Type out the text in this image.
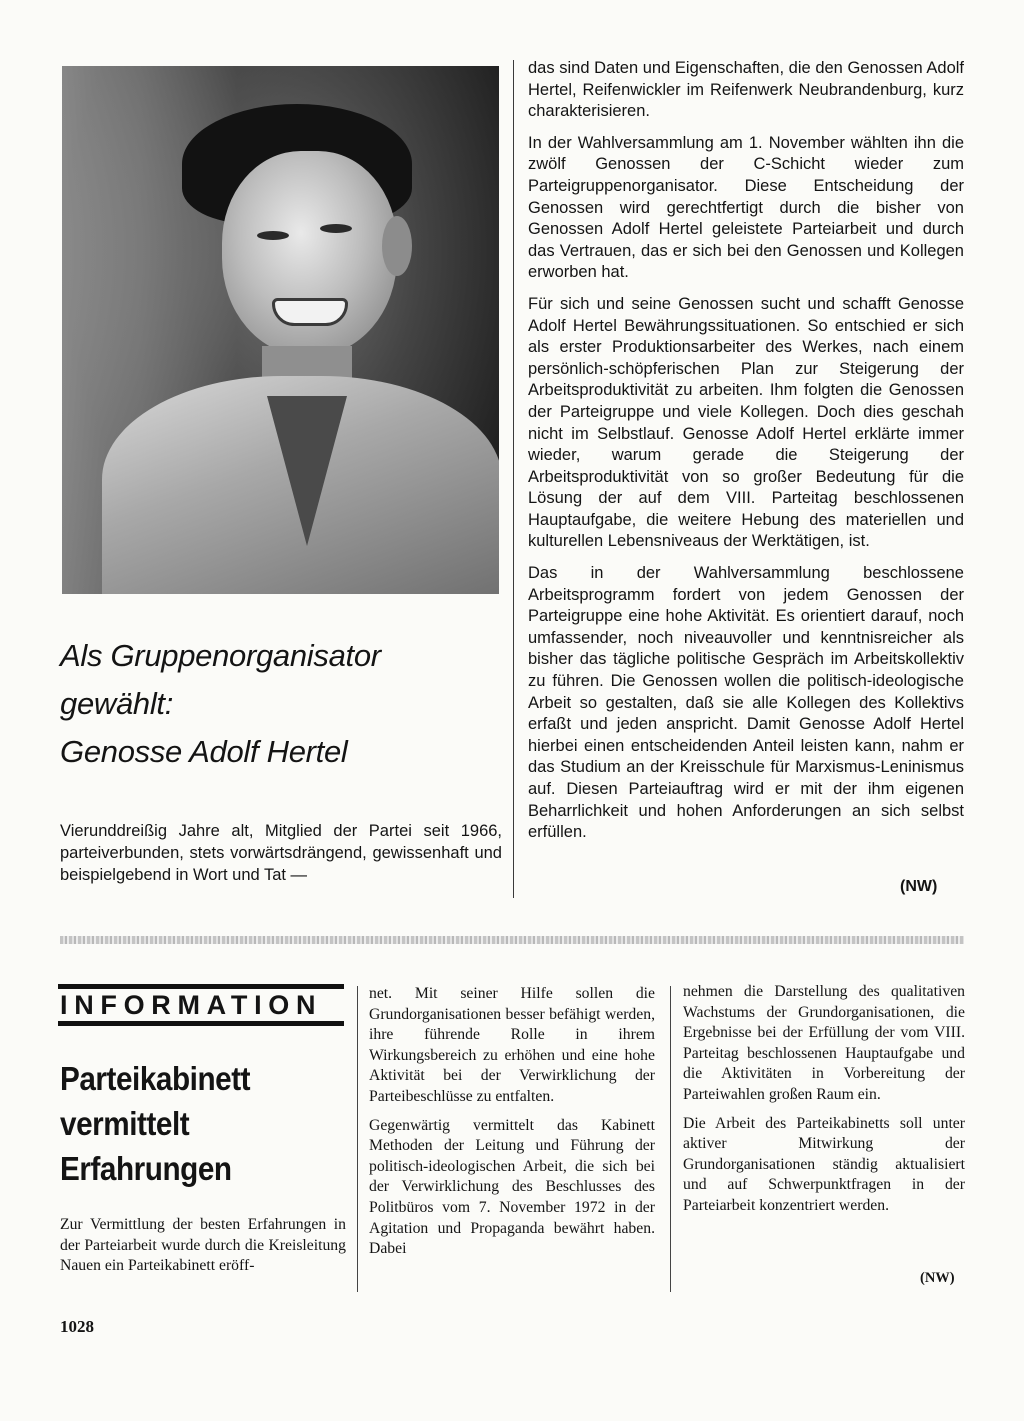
Als Gruppenorganisator
gewählt:
Genosse Adolf Hertel

Vierunddreißig Jahre alt, Mitglied der Partei seit 1966, parteiverbunden, stets vorwärtsdrängend, gewissenhaft und beispielgebend in Wort und Tat —

das sind Daten und Eigenschaften, die den Genossen Adolf Hertel, Reifenwickler im Reifenwerk Neubrandenburg, kurz charakterisieren.

In der Wahlversammlung am 1. November wählten ihn die zwölf Genossen der C-Schicht wieder zum Parteigruppenorganisator. Diese Entscheidung der Genossen wird gerechtfertigt durch die bisher von Genossen Adolf Hertel geleistete Parteiarbeit und durch das Vertrauen, das er sich bei den Genossen und Kollegen erworben hat.

Für sich und seine Genossen sucht und schafft Genosse Adolf Hertel Bewährungssituationen. So entschied er sich als erster Produktionsarbeiter des Werkes, nach einem persönlich-schöpferischen Plan zur Steigerung der Arbeitsproduktivität zu arbeiten. Ihm folgten die Genossen der Parteigruppe und viele Kollegen. Doch dies geschah nicht im Selbstlauf. Genosse Adolf Hertel erklärte immer wieder, warum gerade die Steigerung der Arbeitsproduktivität von so großer Bedeutung für die Lösung der auf dem VIII. Parteitag beschlossenen Hauptaufgabe, die weitere Hebung des materiellen und kulturellen Lebensniveaus der Werktätigen, ist.

Das in der Wahlversammlung beschlossene Arbeitsprogramm fordert von jedem Genossen der Parteigruppe eine hohe Aktivität. Es orientiert darauf, noch umfassender, noch niveauvoller und kenntnisreicher als bisher das tägliche politische Gespräch im Arbeitskollektiv zu führen. Die Genossen wollen die politisch-ideologische Arbeit so gestalten, daß sie alle Kollegen des Kollektivs erfaßt und jeden anspricht. Damit Genosse Adolf Hertel hierbei einen entscheidenden Anteil leisten kann, nahm er das Studium an der Kreisschule für Marxismus-Leninismus auf. Diesen Parteiauftrag wird er mit der ihm eigenen Beharrlichkeit und hohen Anforderungen an sich selbst erfüllen.

(NW)
INFORMATION
Parteikabinett
vermittelt
Erfahrungen

Zur Vermittlung der besten Erfahrungen in der Parteiarbeit wurde durch die Kreisleitung Nauen ein Parteikabinett eröff-

net. Mit seiner Hilfe sollen die Grundorganisationen besser befähigt werden, ihre führende Rolle in ihrem Wirkungsbereich zu erhöhen und eine hohe Aktivität bei der Verwirklichung der Parteibeschlüsse zu entfalten.

Gegenwärtig vermittelt das Kabinett Methoden der Leitung und Führung der politisch-ideologischen Arbeit, die sich bei der Verwirklichung des Beschlusses des Politbüros vom 7. November 1972 in der Agitation und Propaganda bewährt haben. Dabei

nehmen die Darstellung des qualitativen Wachstums der Grundorganisationen, die Ergebnisse bei der Erfüllung der vom VIII. Parteitag beschlossenen Hauptaufgabe und die Aktivitäten in Vorbereitung der Parteiwahlen großen Raum ein.

Die Arbeit des Parteikabinetts soll unter aktiver Mitwirkung der Grundorganisationen ständig aktualisiert und auf Schwerpunktfragen in der Parteiarbeit konzentriert werden.

(NW)
1028
